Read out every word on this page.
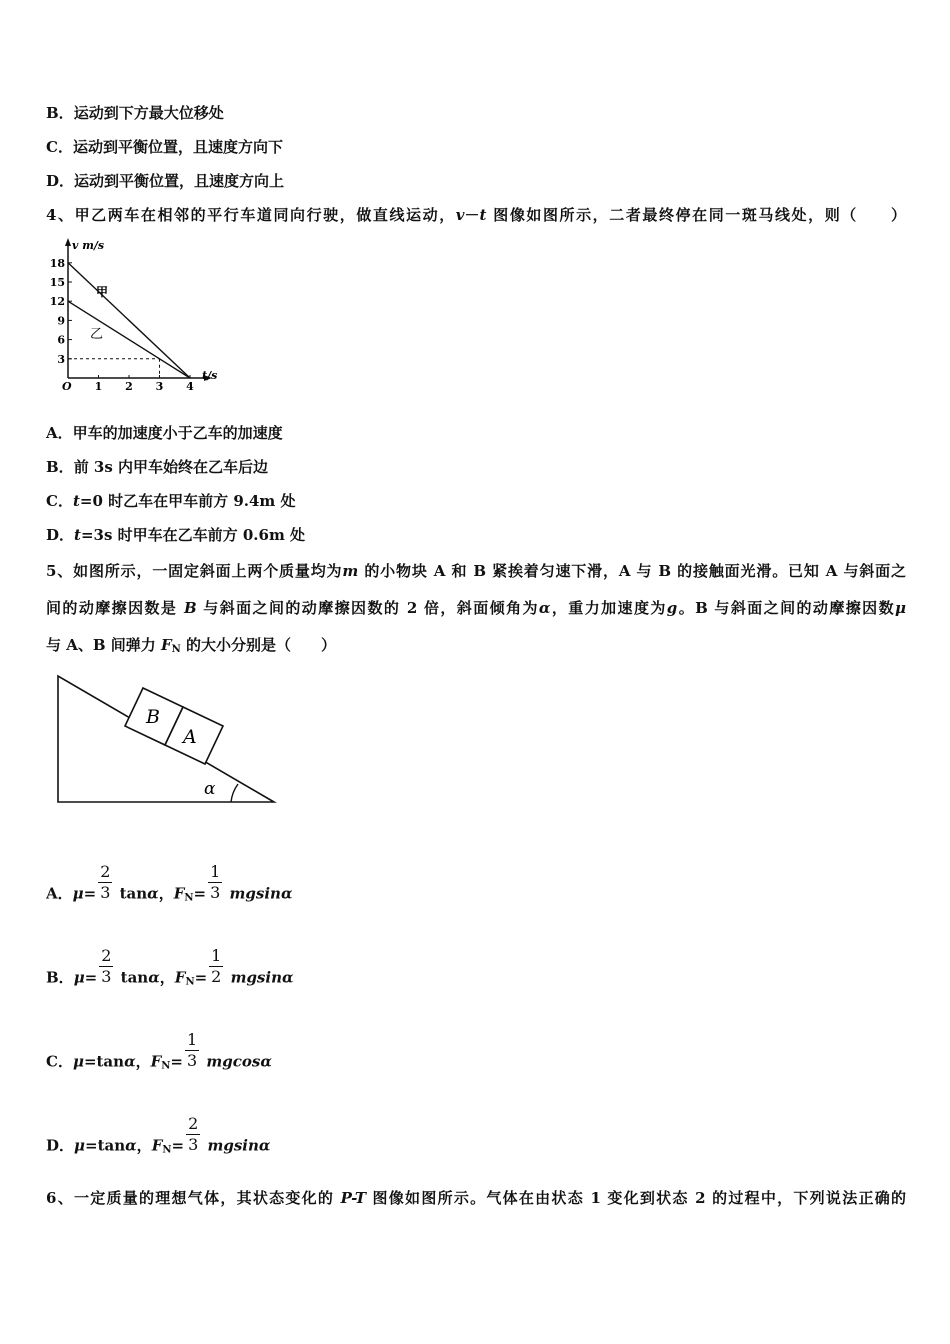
B．运动到下方最大位移处
C．运动到平衡位置，且速度方向下
D．运动到平衡位置，且速度方向上
4、甲乙两车在相邻的平行车道同向行驶，做直线运动，v－t 图像如图所示，二者最终停在同一斑马线处，则（　　）
v m/s
t/s
O
18
15
12
9
6
3
1 2 3 4
甲
乙
A．甲车的加速度小于乙车的加速度
B．前 3s 内甲车始终在乙车后边
C．t=0 时乙车在甲车前方 9.4m 处
D．t=3s 时甲车在乙车前方 0.6m 处
5、如图所示，一固定斜面上两个质量均为m 的小物块 A 和 B 紧挨着匀速下滑，A 与 B 的接触面光滑。已知 A 与斜面之
间的动摩擦因数是 B 与斜面之间的动摩擦因数的 2 倍，斜面倾角为α，重力加速度为g。B 与斜面之间的动摩擦因数μ
与 A、B 间弹力 $F_N$ 的大小分别是（　　）
B
A
α
A．$\mu= \frac{2}{3}$ tanα，$F_N= \frac{1}{3}$ mgsinα
B．$\mu= \frac{2}{3}$ tanα，$F_N= \frac{1}{2}$ mgsinα
C．μ=tanα，$F_N= \frac{1}{3}$ mgcosα
D．μ=tanα，$F_N= \frac{2}{3}$ mgsinα
6、一定质量的理想气体，其状态变化的 P-T 图像如图所示。气体在由状态 1 变化到状态 2 的过程中，下列说法正确的
